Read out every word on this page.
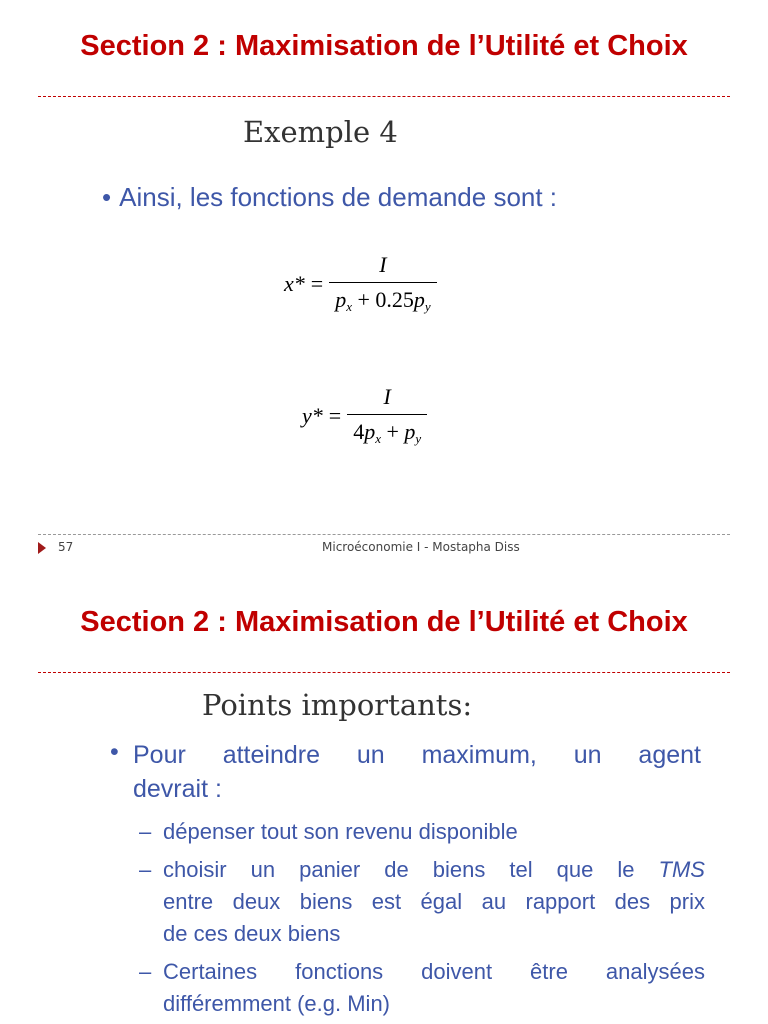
Section 2 : Maximisation de l’Utilité et Choix
Exemple 4
• Ainsi, les fonctions de demande sont :
$x* = \frac{I}{p_x + 0.25p_y}$
$y* = \frac{I}{4p_x + p_y}$
57	Microéconomie I - Mostapha Diss
Section 2 : Maximisation de l’Utilité et Choix
Points importants:
• Pour atteindre un maximum, un agent
devrait :
– dépenser tout son revenu disponible
– choisir un panier de biens tel que le TMS
entre deux biens est égal au rapport des prix
de ces deux biens
– Certaines fonctions doivent être analysées
différemment (e.g. Min)
